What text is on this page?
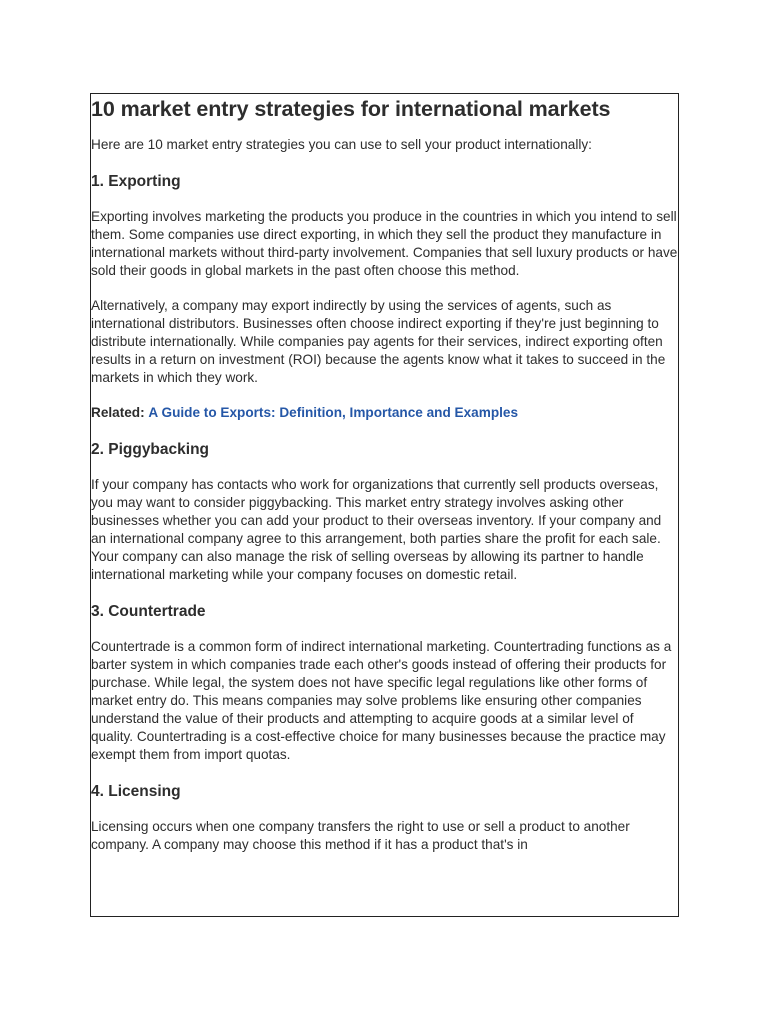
10 market entry strategies for international markets

Here are 10 market entry strategies you can use to sell your product internationally:

1. Exporting

Exporting involves marketing the products you produce in the countries in which you intend to sell them. Some companies use direct exporting, in which they sell the product they manufacture in international markets without third-party involvement. Companies that sell luxury products or have sold their goods in global markets in the past often choose this method.

Alternatively, a company may export indirectly by using the services of agents, such as international distributors. Businesses often choose indirect exporting if they're just beginning to distribute internationally. While companies pay agents for their services, indirect exporting often results in a return on investment (ROI) because the agents know what it takes to succeed in the markets in which they work.

Related: A Guide to Exports: Definition, Importance and Examples
2. Piggybacking

If your company has contacts who work for organizations that currently sell products overseas, you may want to consider piggybacking. This market entry strategy involves asking other businesses whether you can add your product to their overseas inventory. If your company and an international company agree to this arrangement, both parties share the profit for each sale. Your company can also manage the risk of selling overseas by allowing its partner to handle international marketing while your company focuses on domestic retail.

3. Countertrade

Countertrade is a common form of indirect international marketing. Countertrading functions as a barter system in which companies trade each other's goods instead of offering their products for purchase. While legal, the system does not have specific legal regulations like other forms of market entry do. This means companies may solve problems like ensuring other companies understand the value of their products and attempting to acquire goods at a similar level of quality. Countertrading is a cost-effective choice for many businesses because the practice may exempt them from import quotas.

4. Licensing

Licensing occurs when one company transfers the right to use or sell a product to another company. A company may choose this method if it has a product that's in
